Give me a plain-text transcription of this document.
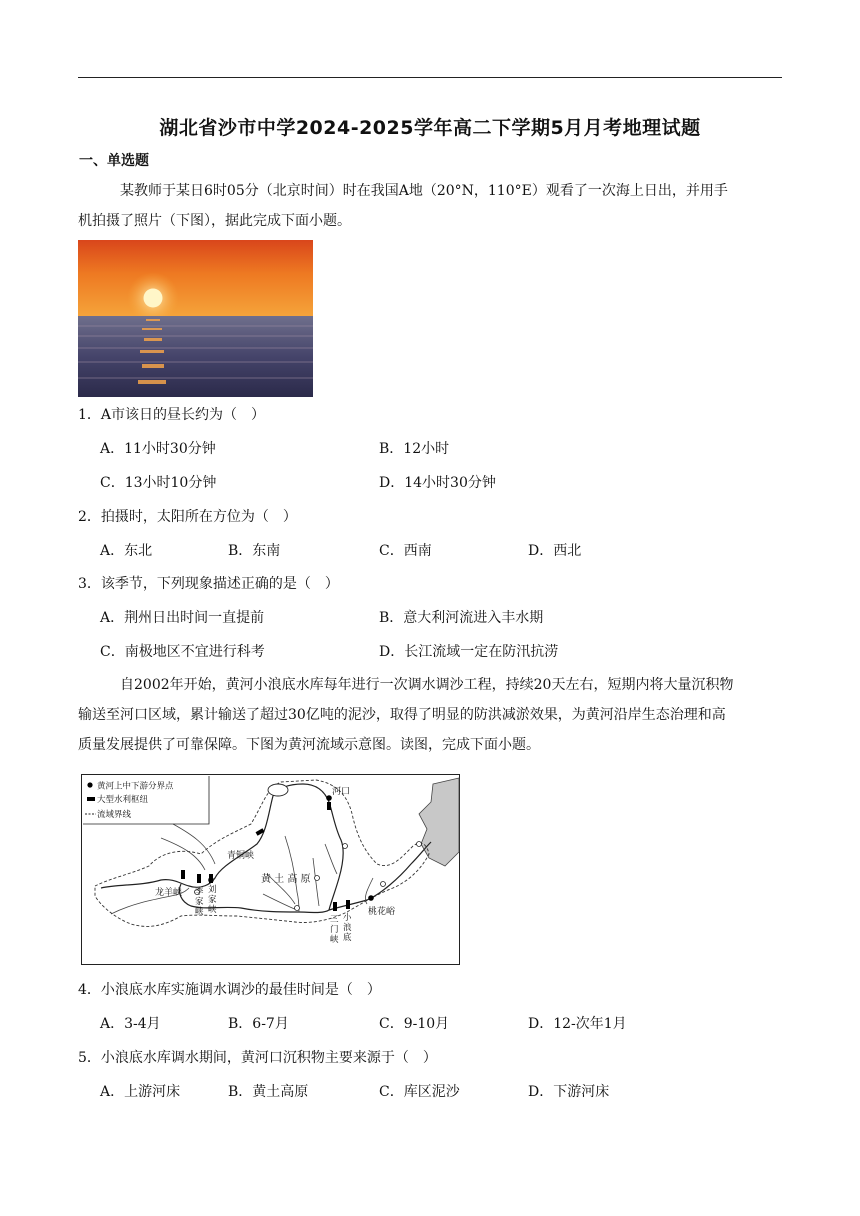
湖北省沙市中学2024-2025学年高二下学期5月月考地理试题
一、单选题
某教师于某日6时05分（北京时间）时在我国A地（20°N，110°E）观看了一次海上日出，并用手
机拍摄了照片（下图），据此完成下面小题。
1．A市该日的昼长约为（　）
A．11小时30分钟	B．12小时
C．13小时10分钟	D．14小时30分钟
2．拍摄时，太阳所在方位为（　）
A．东北	B．东南	C．西南	D．西北
3．该季节，下列现象描述正确的是（　）
A．荆州日出时间一直提前	B．意大利河流进入丰水期
C．南极地区不宜进行科考	D．长江流域一定在防汛抗涝
自2002年开始，黄河小浪底水库每年进行一次调水调沙工程，持续20天左右，短期内将大量沉积物
输送至河口区域，累计输送了超过30亿吨的泥沙，取得了明显的防洪减淤效果，为黄河沿岸生态治理和高
质量发展提供了可靠保障。下图为黄河流域示意图。读图，完成下面小题。
黄河上中下游分界点
大型水利枢纽
流域界线
河口
青铜峡
黄 土 高 原
龙羊峡 李
家
峡
刘
家
峡
三
门
峡
小
浪
底
桃花峪
4．小浪底水库实施调水调沙的最佳时间是（　）
A．3-4月	B．6-7月	C．9-10月	D．12-次年1月
5．小浪底水库调水期间，黄河口沉积物主要来源于（　）
A．上游河床	B．黄土高原	C．库区泥沙	D．下游河床
